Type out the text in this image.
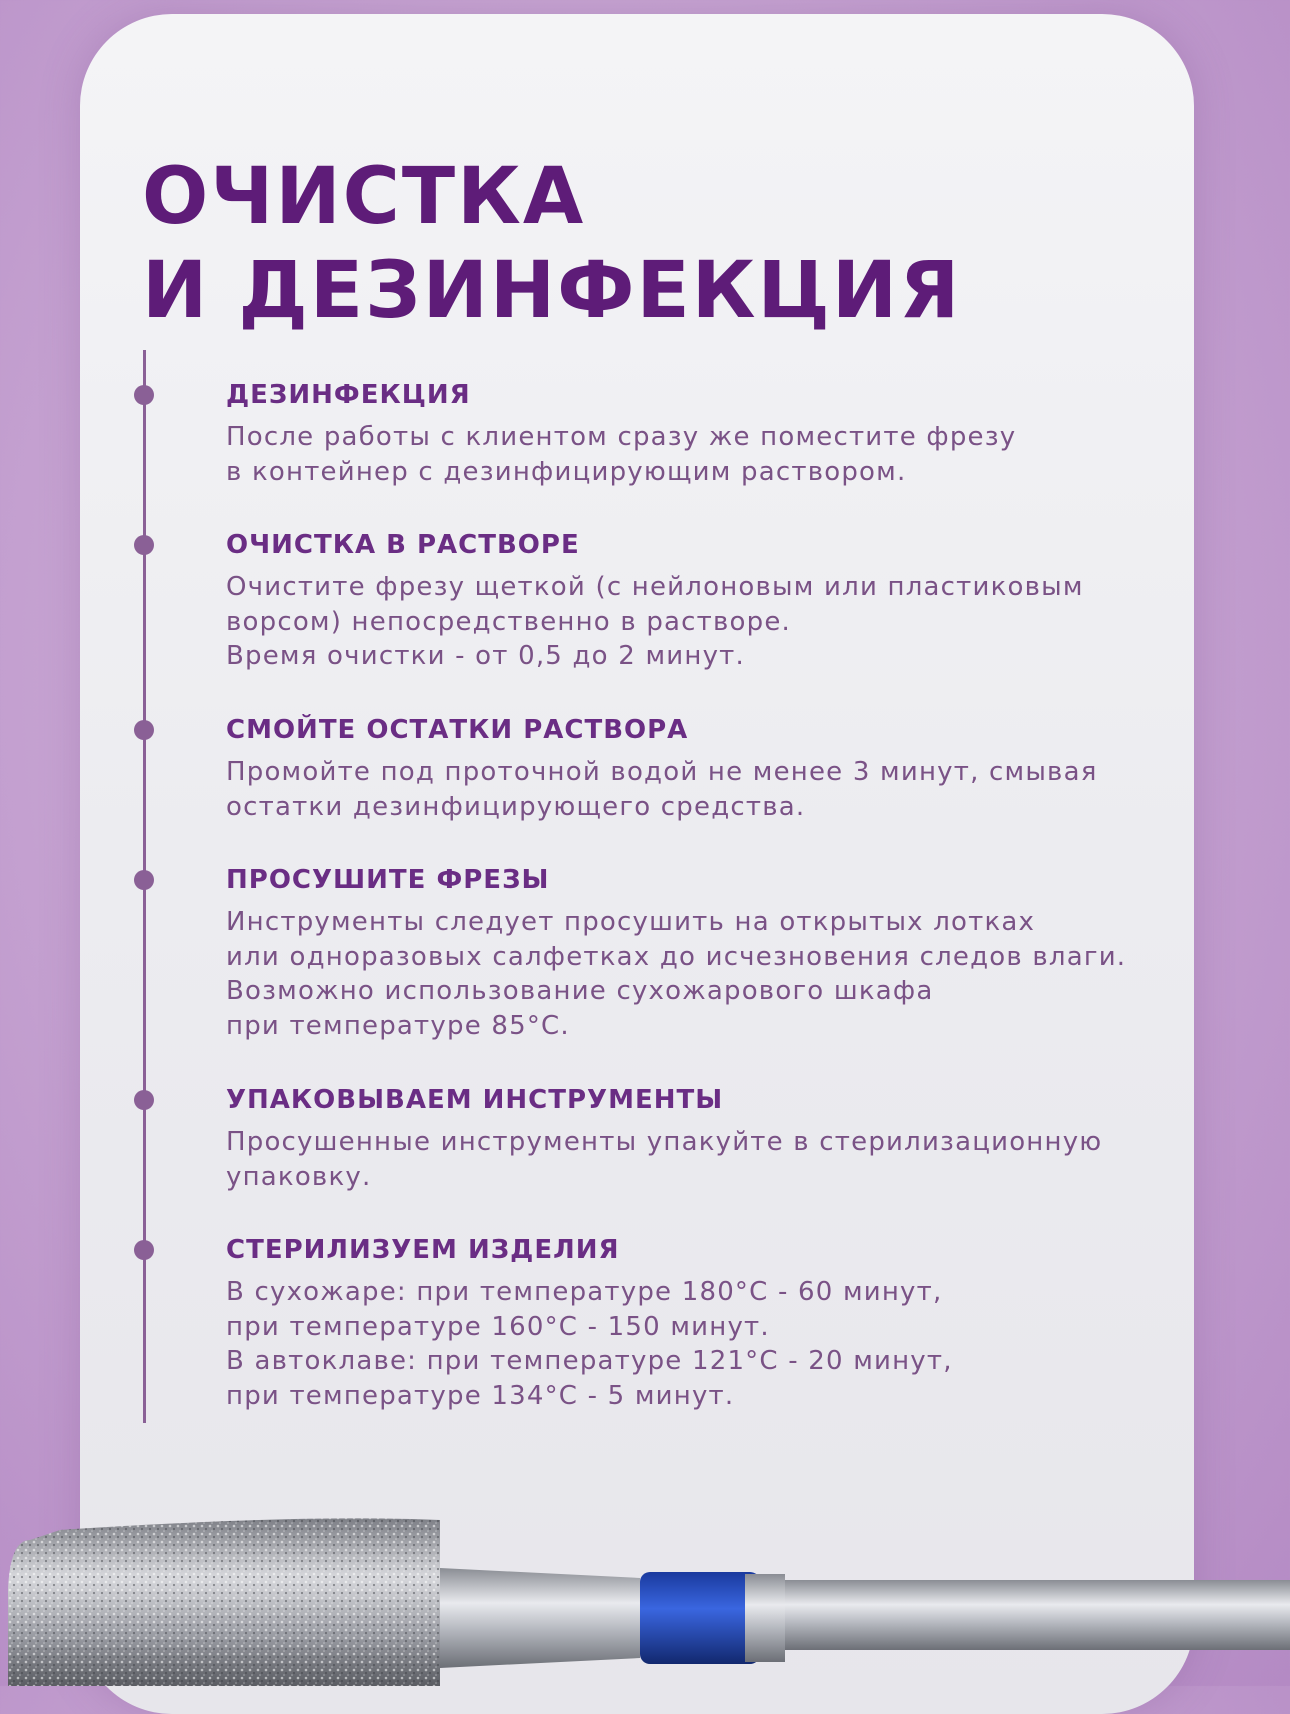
ОЧИСТКА
И ДЕЗИНФЕКЦИЯ
ДЕЗИНФЕКЦИЯ

После работы с клиентом сразу же поместите фрезу
в контейнер с дезинфицирующим раствором.

ОЧИСТКА В РАСТВОРЕ

Очистите фрезу щеткой (с нейлоновым или пластиковым
ворсом) непосредственно в растворе.
Время очистки - от 0,5 до 2 минут.

СМОЙТЕ ОСТАТКИ РАСТВОРА

Промойте под проточной водой не менее 3 минут, смывая
остатки дезинфицирующего средства.

ПРОСУШИТЕ ФРЕЗЫ

Инструменты следует просушить на открытых лотках
или одноразовых салфетках до исчезновения следов влаги.
Возможно использование сухожарового шкафа
при температуре 85°С.

УПАКОВЫВАЕМ ИНСТРУМЕНТЫ

Просушенные инструменты упакуйте в стерилизационную
упаковку.

СТЕРИЛИЗУЕМ ИЗДЕЛИЯ

В сухожаре: при температуре 180°С - 60 минут,
при температуре 160°С - 150 минут.
В автоклаве: при температуре 121°С - 20 минут,
при температуре 134°С - 5 минут.
